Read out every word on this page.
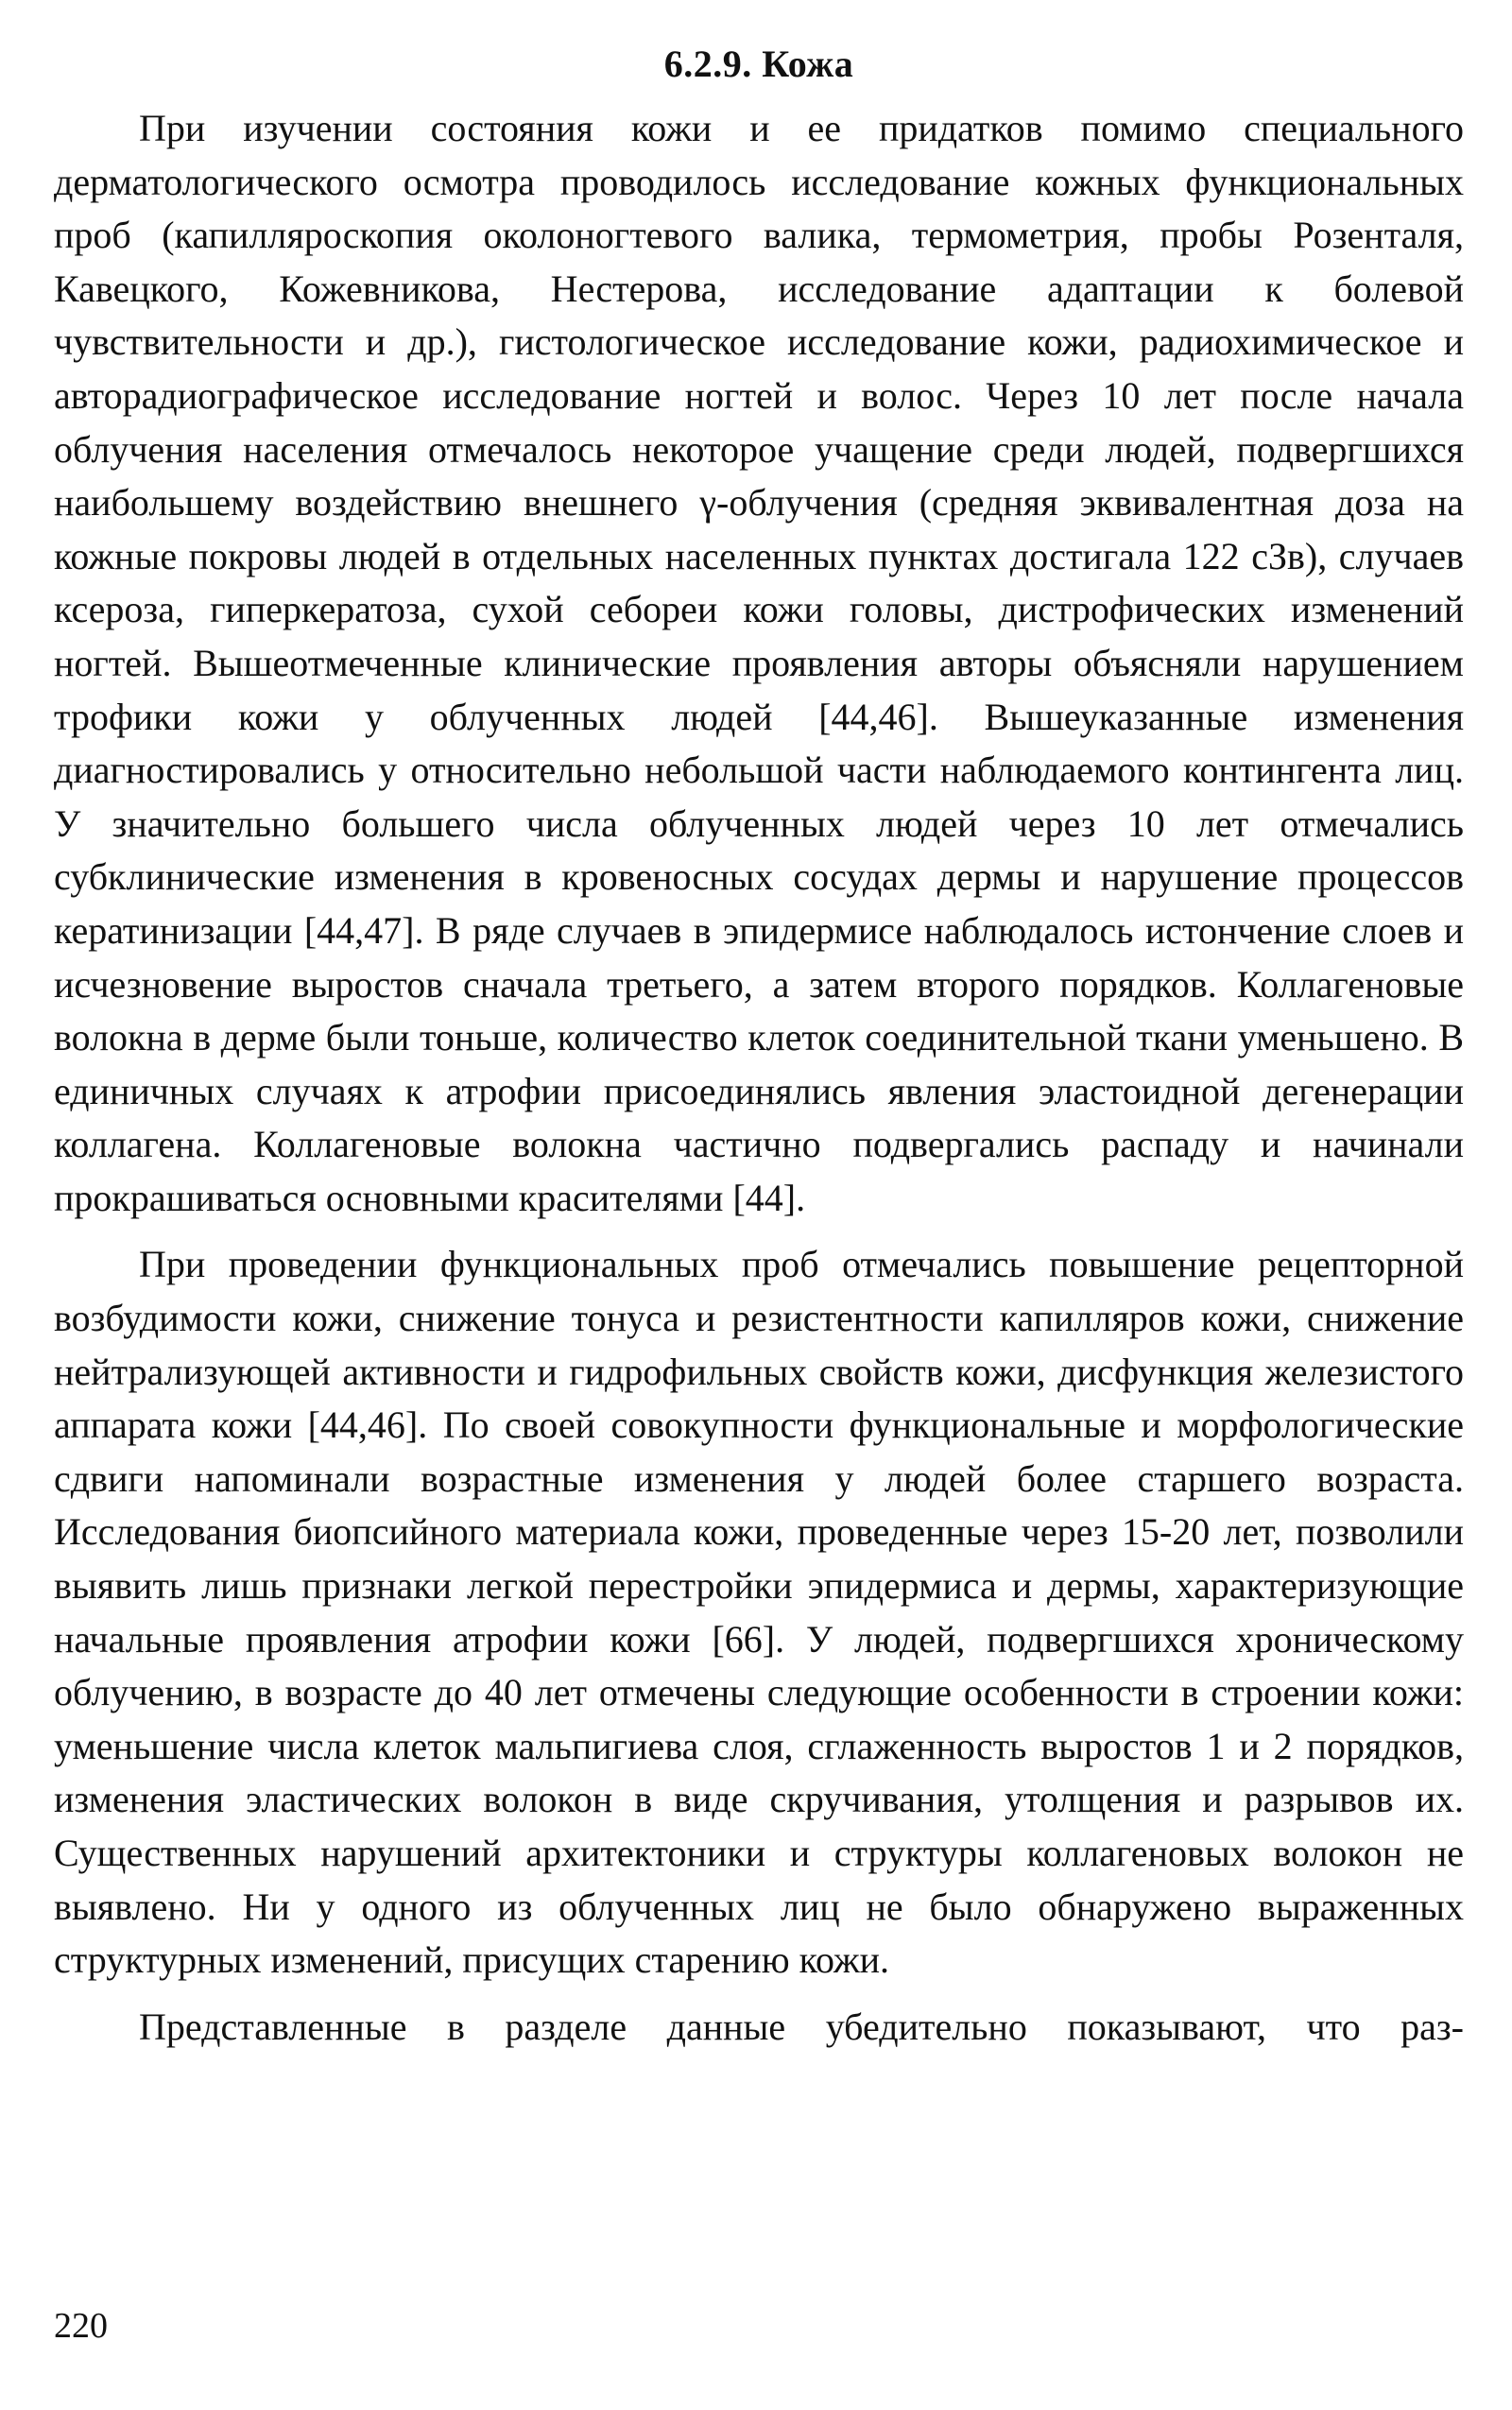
6.2.9. Кожа

При изучении состояния кожи и ее придатков помимо специального дерматологического осмотра проводилось исследование кожных функциональных проб (капилляроскопия околоногтевого валика, термометрия, пробы Розенталя, Кавецкого, Кожевникова, Нестерова, исследование адаптации к болевой чувствительности и др.), гистологическое исследование кожи, радиохимическое и авторадиографическое исследование ногтей и волос. Через 10 лет после начала облучения населения отмечалось некоторое учащение среди людей, подвергшихся наибольшему воздействию внешнего γ-облучения (средняя эквивалентная доза на кожные покровы людей в отдельных населенных пунктах достигала 122 сЗв), случаев ксероза, гиперкератоза, сухой себореи кожи головы, дистрофических изменений ногтей. Вышеотмеченные клинические проявления авторы объясняли нарушением трофики кожи у облученных людей [44,46]. Вышеуказанные изменения диагностировались у относительно небольшой части наблюдаемого контингента лиц. У значительно большего числа облученных людей через 10 лет отмечались субклинические изменения в кровеносных сосудах дермы и нарушение процессов кератинизации [44,47]. В ряде случаев в эпидермисе наблюдалось истончение слоев и исчезновение выростов сначала третьего, а затем второго порядков. Коллагеновые волокна в дерме были тоньше, количество клеток соединительной ткани уменьшено. В единичных случаях к атрофии присоединялись явления эластоидной дегенерации коллагена. Коллагеновые волокна частично подвергались распаду и начинали прокрашиваться основными красителями [44].

При проведении функциональных проб отмечались повышение рецепторной возбудимости кожи, снижение тонуса и резистентности капилляров кожи, снижение нейтрализующей активности и гидрофильных свойств кожи, дисфункция железистого аппарата кожи [44,46]. По своей совокупности функциональные и морфологические сдвиги напоминали возрастные изменения у людей более старшего возраста. Исследования биопсийного материала кожи, проведенные через 15-20 лет, позволили выявить лишь признаки легкой перестройки эпидермиса и дермы, характеризующие начальные проявления атрофии кожи [66]. У людей, подвергшихся хроническому облучению, в возрасте до 40 лет отмечены следующие особенности в строении кожи: уменьшение числа клеток мальпигиева слоя, сглаженность выростов 1 и 2 порядков, изменения эластических волокон в виде скручивания, утолщения и разрывов их. Существенных нарушений архитектоники и структуры коллагеновых волокон не выявлено. Ни у одного из облученных лиц не было обнаружено выраженных структурных изменений, присущих старению кожи.

Представленные в разделе данные убедительно показывают, что раз-

220
